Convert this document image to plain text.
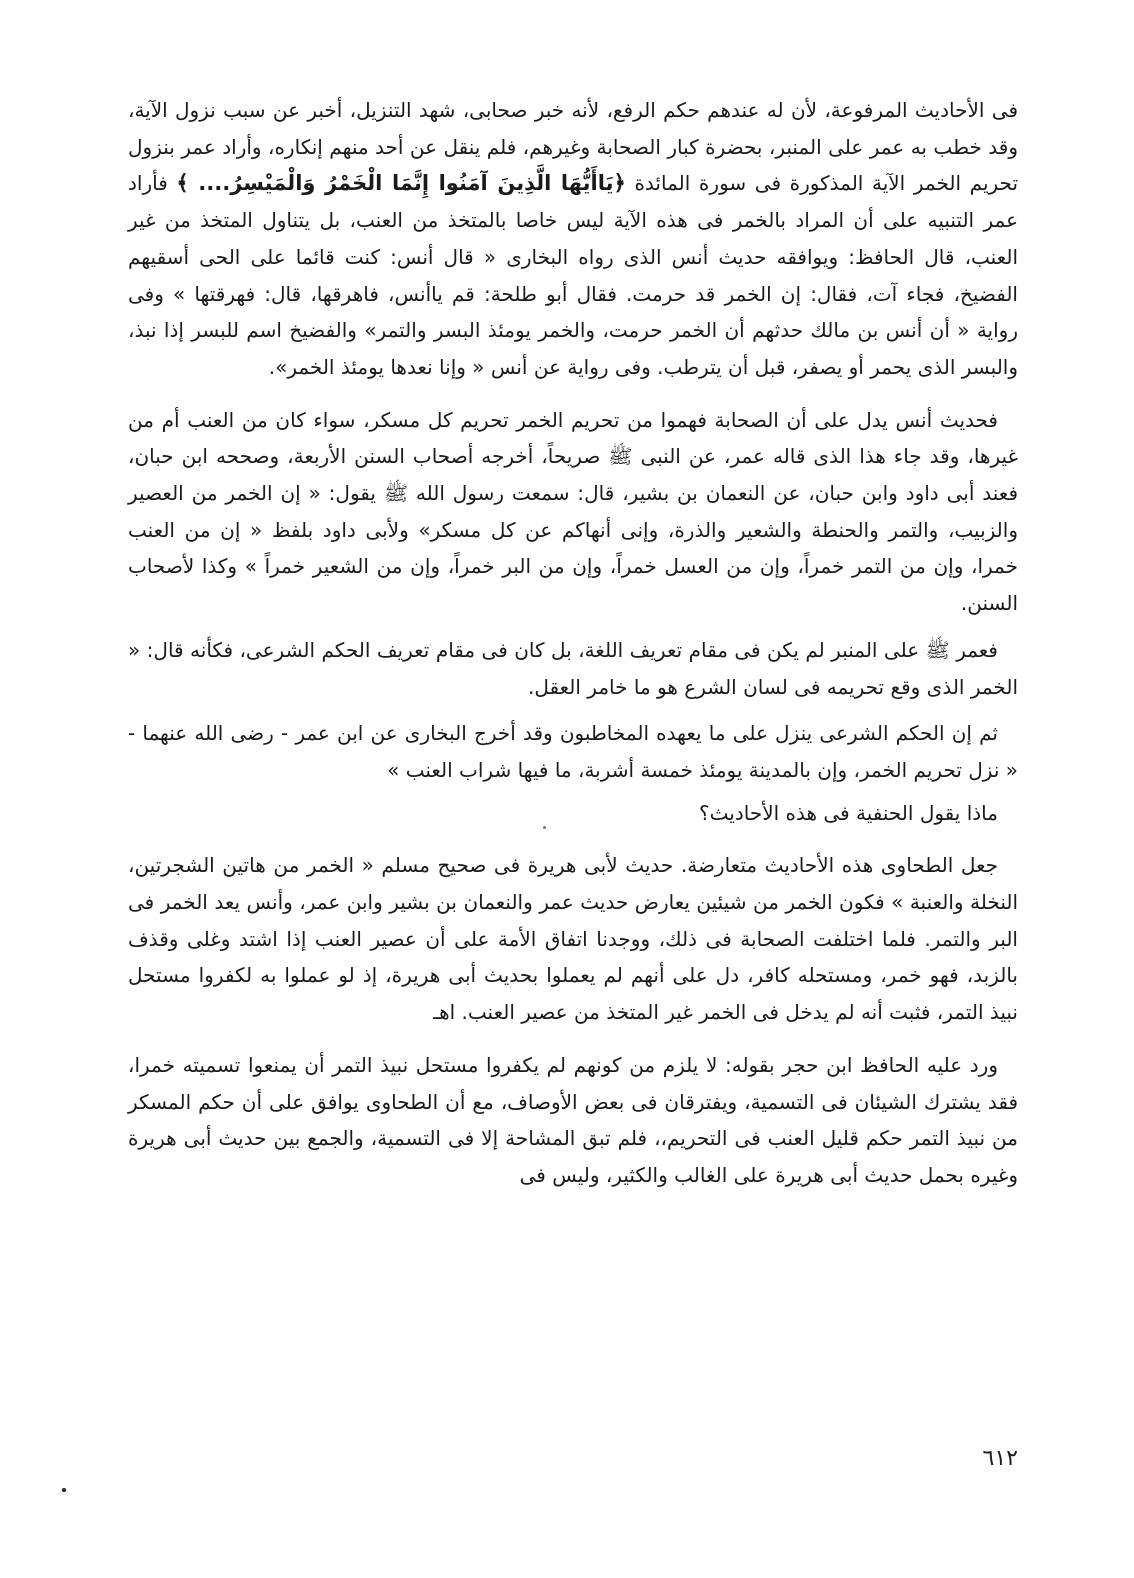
فى الأحاديث المرفوعة، لأن له عندهم حكم الرفع، لأنه خبر صحابى، شهد التنزيل، أخبر عن سبب نزول الآية، وقد خطب به عمر على المنبر، بحضرة كبار الصحابة وغيرهم، فلم ينقل عن أحد منهم إنكاره، وأراد عمر بنزول تحريم الخمر الآية المذكورة فى سورة المائدة ﴿يَاأَيُّهَا الَّذِينَ آمَنُوا إِنَّمَا الْخَمْرُ وَالْمَيْسِرُ.... ﴾ فأراد عمر التنبيه على أن المراد بالخمر فى هذه الآية ليس خاصا بالمتخذ من العنب، بل يتناول المتخذ من غير العنب، قال الحافظ: ويوافقه حديث أنس الذى رواه البخارى « قال أنس: كنت قائما على الحى أسقيهم الفضيخ، فجاء آت، فقال: إن الخمر قد حرمت. فقال أبو طلحة: قم ياأنس، فاهرقها، قال: فهرقتها » وفى رواية « أن أنس بن مالك حدثهم أن الخمر حرمت، والخمر يومئذ البسر والتمر» والفضيخ اسم للبسر إذا نبذ، والبسر الذى يحمر أو يصفر، قبل أن يترطب. وفى رواية عن أنس « وإنا نعدها يومئذ الخمر».

فحديث أنس يدل على أن الصحابة فهموا من تحريم الخمر تحريم كل مسكر، سواء كان من العنب أم من غيرها، وقد جاء هذا الذى قاله عمر، عن النبى ﷺ صريحاً، أخرجه أصحاب السنن الأربعة، وصححه ابن حبان، فعند أبى داود وابن حبان، عن النعمان بن بشير، قال: سمعت رسول الله ﷺ يقول: « إن الخمر من العصير والزبيب، والتمر والحنطة والشعير والذرة، وإنى أنهاكم عن كل مسكر» ولأبى داود بلفظ « إن من العنب خمرا، وإن من التمر خمراً، وإن من العسل خمراً، وإن من البر خمراً، وإن من الشعير خمراً » وكذا لأصحاب السنن.

فعمر ﷺ على المنبر لم يكن فى مقام تعريف اللغة، بل كان فى مقام تعريف الحكم الشرعى، فكأنه قال: « الخمر الذى وقع تحريمه فى لسان الشرع هو ما خامر العقل.

ثم إن الحكم الشرعى ينزل على ما يعهده المخاطبون وقد أخرج البخارى عن ابن عمر - رضى الله عنهما - « نزل تحريم الخمر، وإن بالمدينة يومئذ خمسة أشربة، ما فيها شراب العنب »

ماذا يقول الحنفية فى هذه الأحاديث؟

جعل الطحاوى هذه الأحاديث متعارضة. حديث لأبى هريرة فى صحيح مسلم « الخمر من هاتين الشجرتين، النخلة والعنبة » فكون الخمر من شيئين يعارض حديث عمر والنعمان بن بشير وابن عمر، وأنس يعد الخمر فى البر والتمر. فلما اختلفت الصحابة فى ذلك، ووجدنا اتفاق الأمة على أن عصير العنب إذا اشتد وغلى وقذف بالزبد، فهو خمر، ومستحله كافر، دل على أنهم لم يعملوا بحديث أبى هريرة، إذ لو عملوا به لكفروا مستحل نبيذ التمر، فثبت أنه لم يدخل فى الخمر غير المتخذ من عصير العنب. اهـ

ورد عليه الحافظ ابن حجر بقوله: لا يلزم من كونهم لم يكفروا مستحل نبيذ التمر أن يمنعوا تسميته خمرا، فقد يشترك الشيئان فى التسمية، ويفترقان فى بعض الأوصاف، مع أن الطحاوى يوافق على أن حكم المسكر من نبيذ التمر حكم قليل العنب فى التحريم،، فلم تبق المشاحة إلا فى التسمية، والجمع بين حديث أبى هريرة وغيره بحمل حديث أبى هريرة على الغالب والكثير، وليس فى

٦١٢
